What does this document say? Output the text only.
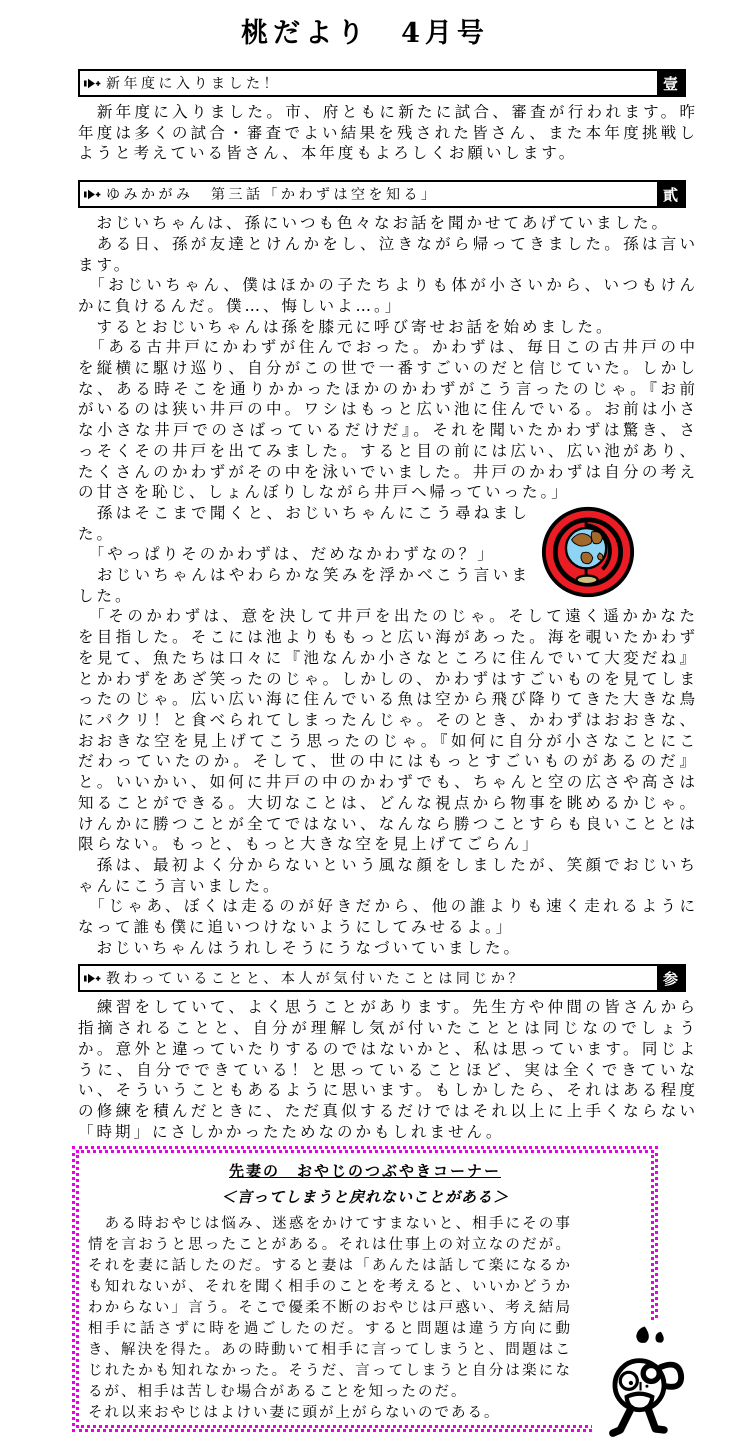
桃だより　4月号
新年度に入りました！	壹

　新年度に入りました。市、府ともに新たに試合、審査が行われます。昨年度は多くの試合・審査でよい結果を残された皆さん、また本年度挑戦しようと考えている皆さん、本年度もよろしくお願いします。

ゆみかがみ　第三話「かわずは空を知る」	貳

　おじいちゃんは、孫にいつも色々なお話を聞かせてあげていました。

　ある日、孫が友達とけんかをし、泣きながら帰ってきました。孫は言います。

　「おじいちゃん、僕はほかの子たちよりも体が小さいから、いつもけんかに負けるんだ。僕…、悔しいよ…。」

　するとおじいちゃんは孫を膝元に呼び寄せお話を始めました。

　「ある古井戸にかわずが住んでおった。かわずは、毎日この古井戸の中を縦横に駆け巡り、自分がこの世で一番すごいのだと信じていた。しかしな、ある時そこを通りかかったほかのかわずがこう言ったのじゃ。『お前がいるのは狭い井戸の中。ワシはもっと広い池に住んでいる。お前は小さな小さな井戸でのさばっているだけだ』。それを聞いたかわずは驚き、さっそくその井戸を出てみました。すると目の前には広い、広い池があり、たくさんのかわずがその中を泳いでいました。井戸のかわずは自分の考えの甘さを恥じ、しょんぼりしながら井戸へ帰っていった。」

　孫はそこまで聞くと、おじいちゃんにこう尋ねました。

　「やっぱりそのかわずは、だめなかわずなの？」

　おじいちゃんはやわらかな笑みを浮かべこう言いました。

　「そのかわずは、意を決して井戸を出たのじゃ。そして遠く遥かかなたを目指した。そこには池よりももっと広い海があった。海を覗いたかわずを見て、魚たちは口々に『池なんか小さなところに住んでいて大変だね』とかわずをあざ笑ったのじゃ。しかしの、かわずはすごいものを見てしまったのじゃ。広い広い海に住んでいる魚は空から飛び降りてきた大きな鳥にパクリ！と食べられてしまったんじゃ。そのとき、かわずはおおきな、おおきな空を見上げてこう思ったのじゃ。『如何に自分が小さなことにこだわっていたのか。そして、世の中にはもっとすごいものがあるのだ』と。いいかい、如何に井戸の中のかわずでも、ちゃんと空の広さや高さは知ることができる。大切なことは、どんな視点から物事を眺めるかじゃ。けんかに勝つことが全てではない、なんなら勝つことすらも良いこととは限らない。もっと、もっと大きな空を見上げてごらん」

　孫は、最初よく分からないという風な顔をしましたが、笑顔でおじいちゃんにこう言いました。

　「じゃあ、ぼくは走るのが好きだから、他の誰よりも速く走れるようになって誰も僕に追いつけないようにしてみせるよ。」

　おじいちゃんはうれしそうにうなづいていました。

教わっていることと、本人が気付いたことは同じか？	参

　練習をしていて、よく思うことがあります。先生方や仲間の皆さんから指摘されることと、自分が理解し気が付いたこととは同じなのでしょうか。意外と違っていたりするのではないかと、私は思っています。同じように、自分でできている！と思っていることほど、実は全くできていない、そういうこともあるように思います。もしかしたら、それはある程度の修練を積んだときに、ただ真似するだけではそれ以上に上手くならない「時期」にさしかかったためなのかもしれません。

先妻の　おやじのつぶやきコーナー

＜言ってしまうと戻れないことがある＞

　ある時おやじは悩み、迷惑をかけてすまないと、相手にその事情を言おうと思ったことがある。それは仕事上の対立なのだが。それを妻に話したのだ。すると妻は「あんたは話して楽になるかも知れないが、それを聞く相手のことを考えると、いいかどうかわからない」言う。そこで優柔不断のおやじは戸惑い、考え結局相手に話さずに時を過ごしたのだ。すると問題は違う方向に動き、解決を得た。あの時動いて相手に言ってしまうと、問題はこじれたかも知れなかった。そうだ、言ってしまうと自分は楽になるが、相手は苦しむ場合があることを知ったのだ。

それ以来おやじはよけい妻に頭が上がらないのである。
